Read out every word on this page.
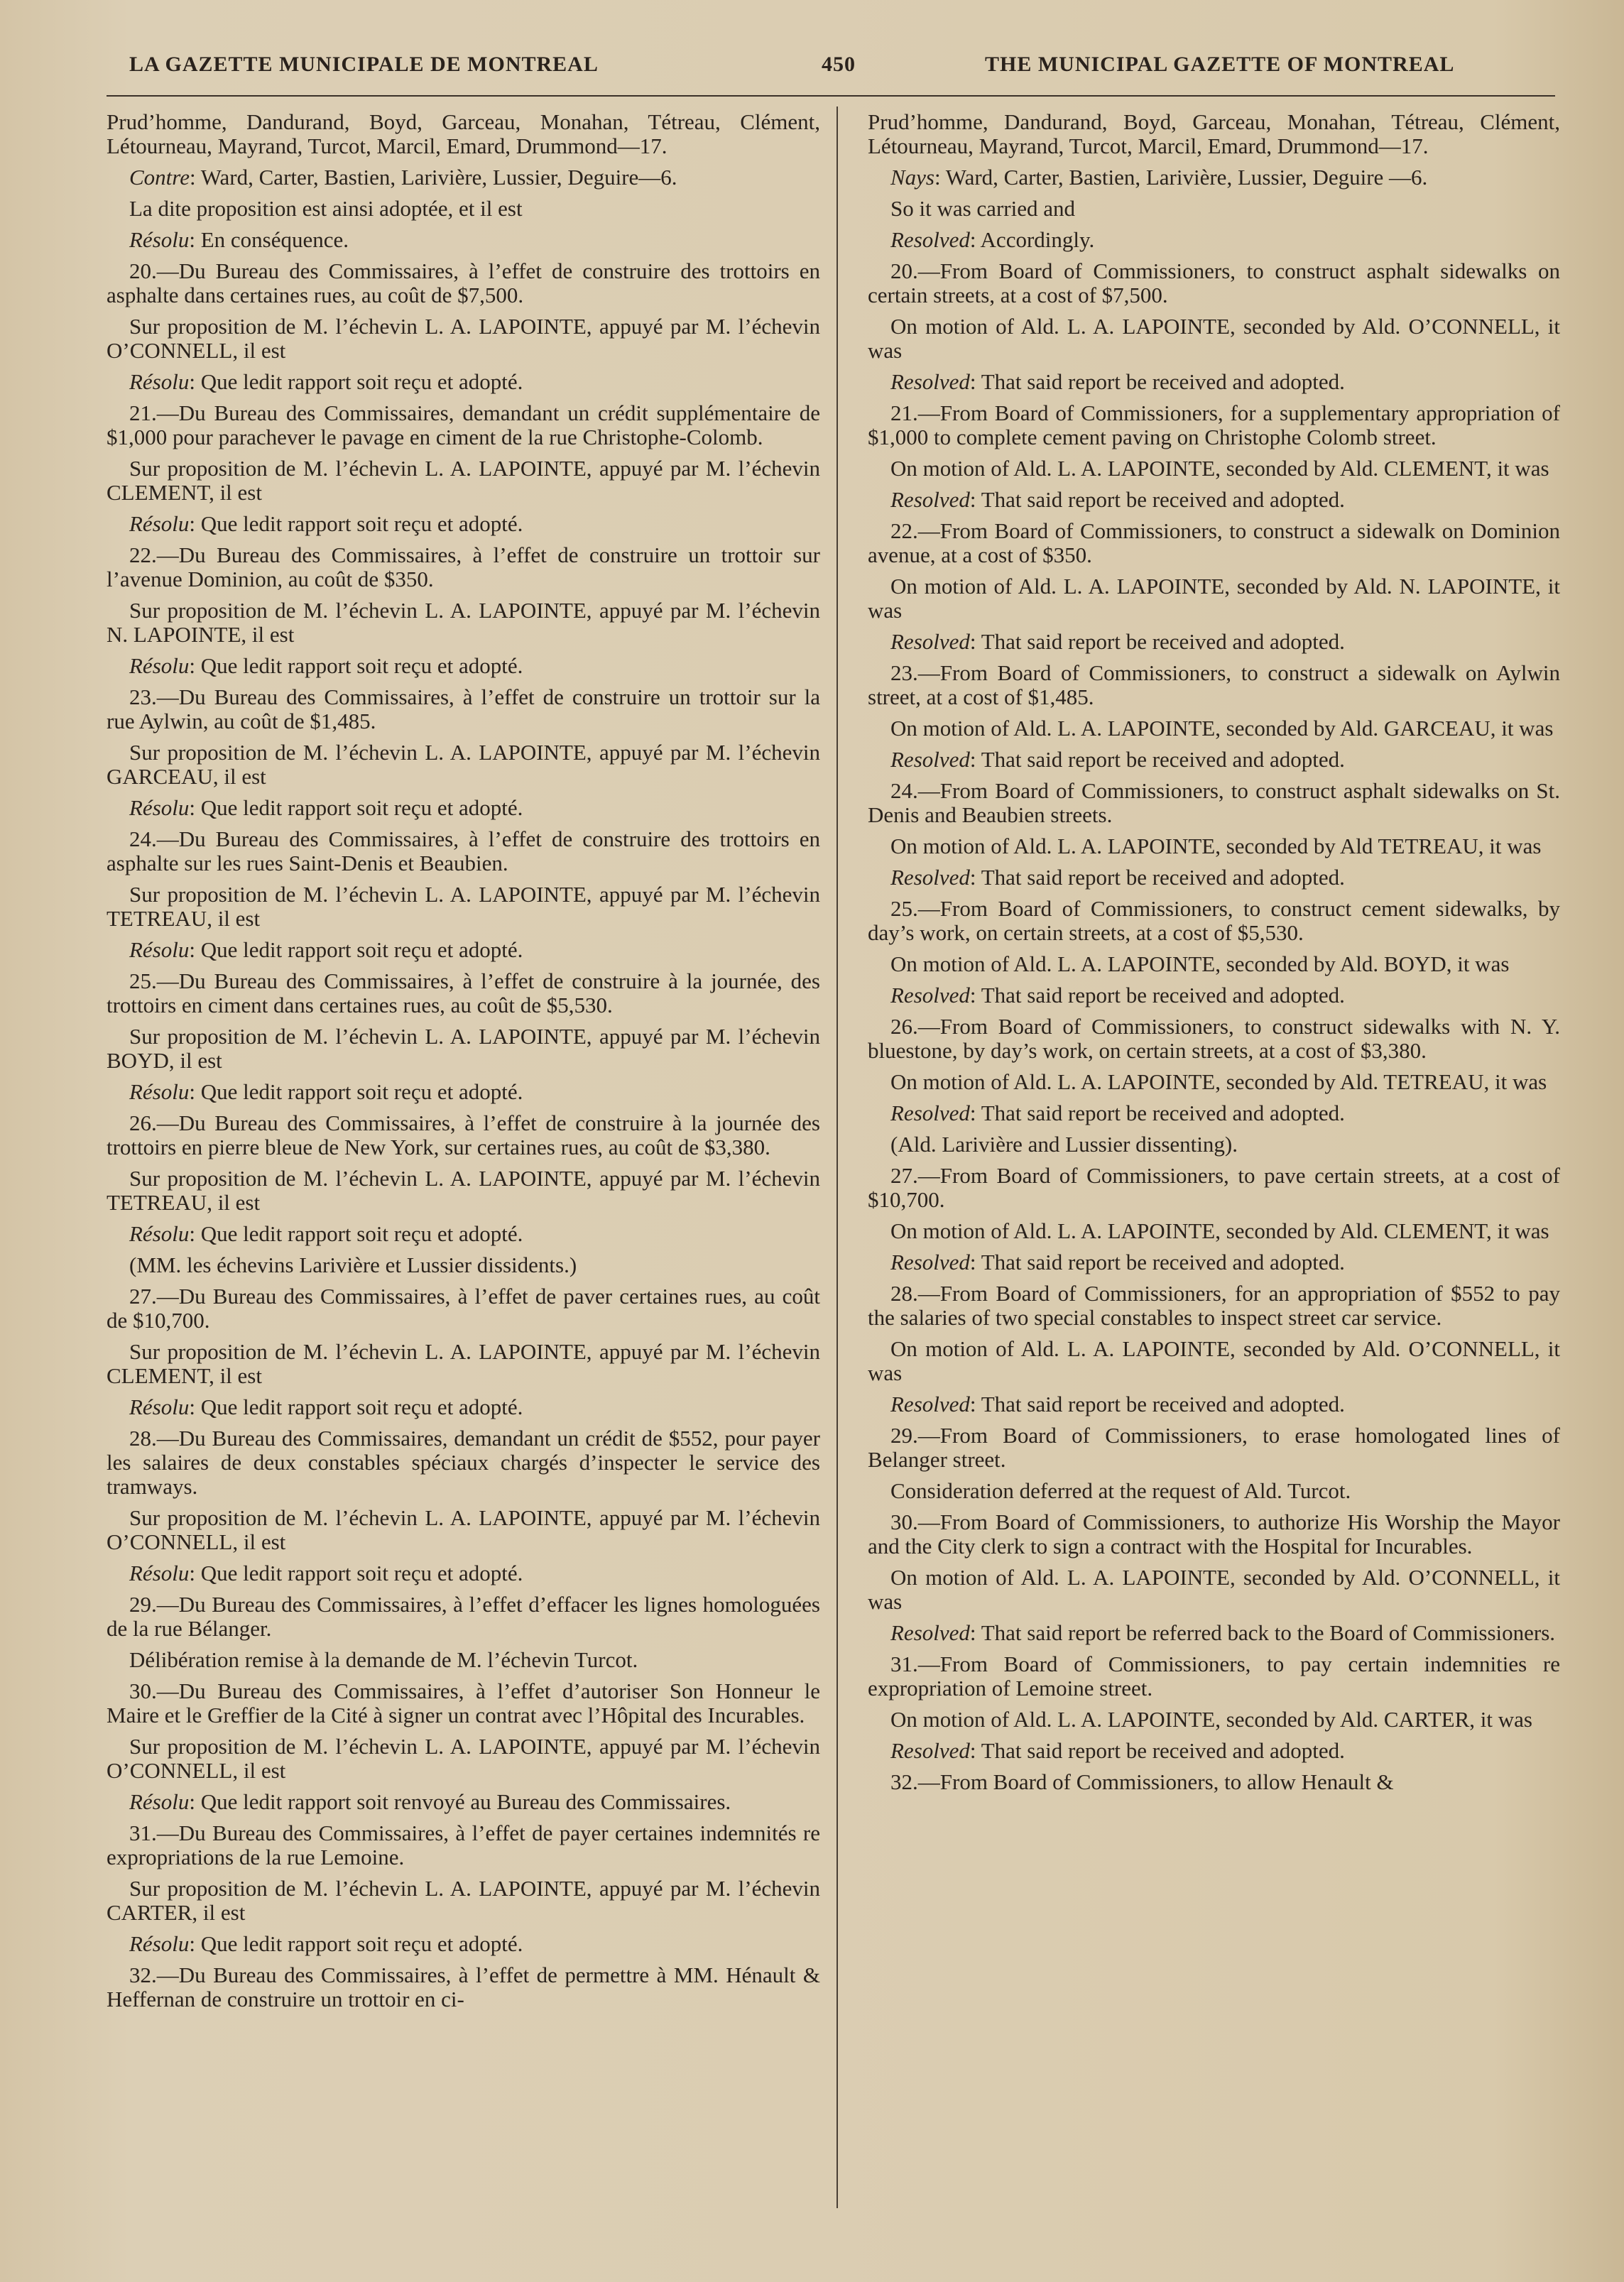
LA GAZETTE MUNICIPALE DE MONTREAL	450	THE MUNICIPAL GAZETTE OF MONTREAL

Prud’homme, Dandurand, Boyd, Garceau, Monahan, Tétreau, Clément, Létourneau, Mayrand, Turcot, Marcil, Emard, Drummond—17.

Contre: Ward, Carter, Bastien, Larivière, Lussier, Deguire—6.

La dite proposition est ainsi adoptée, et il est

Résolu: En conséquence.

20.—Du Bureau des Commissaires, à l’effet de construire des trottoirs en asphalte dans certaines rues, au coût de $7,500.

Sur proposition de M. l’échevin L. A. LAPOINTE, appuyé par M. l’échevin O’CONNELL, il est

Résolu: Que ledit rapport soit reçu et adopté.

21.—Du Bureau des Commissaires, demandant un crédit supplémentaire de $1,000 pour parachever le pavage en ciment de la rue Christophe-Colomb.

Sur proposition de M. l’échevin L. A. LAPOINTE, appuyé par M. l’échevin CLEMENT, il est

Résolu: Que ledit rapport soit reçu et adopté.

22.—Du Bureau des Commissaires, à l’effet de construire un trottoir sur l’avenue Dominion, au coût de $350.

Sur proposition de M. l’échevin L. A. LAPOINTE, appuyé par M. l’échevin N. LAPOINTE, il est

Résolu: Que ledit rapport soit reçu et adopté.

23.—Du Bureau des Commissaires, à l’effet de construire un trottoir sur la rue Aylwin, au coût de $1,485.

Sur proposition de M. l’échevin L. A. LAPOINTE, appuyé par M. l’échevin GARCEAU, il est

Résolu: Que ledit rapport soit reçu et adopté.

24.—Du Bureau des Commissaires, à l’effet de construire des trottoirs en asphalte sur les rues Saint-Denis et Beaubien.

Sur proposition de M. l’échevin L. A. LAPOINTE, appuyé par M. l’échevin TETREAU, il est

Résolu: Que ledit rapport soit reçu et adopté.

25.—Du Bureau des Commissaires, à l’effet de construire à la journée, des trottoirs en ciment dans certaines rues, au coût de $5,530.

Sur proposition de M. l’échevin L. A. LAPOINTE, appuyé par M. l’échevin BOYD, il est

Résolu: Que ledit rapport soit reçu et adopté.

26.—Du Bureau des Commissaires, à l’effet de construire à la journée des trottoirs en pierre bleue de New York, sur certaines rues, au coût de $3,380.

Sur proposition de M. l’échevin L. A. LAPOINTE, appuyé par M. l’échevin TETREAU, il est

Résolu: Que ledit rapport soit reçu et adopté.

(MM. les échevins Larivière et Lussier dissidents.)

27.—Du Bureau des Commissaires, à l’effet de paver certaines rues, au coût de $10,700.

Sur proposition de M. l’échevin L. A. LAPOINTE, appuyé par M. l’échevin CLEMENT, il est

Résolu: Que ledit rapport soit reçu et adopté.

28.—Du Bureau des Commissaires, demandant un crédit de $552, pour payer les salaires de deux constables spéciaux chargés d’inspecter le service des tramways.

Sur proposition de M. l’échevin L. A. LAPOINTE, appuyé par M. l’échevin O’CONNELL, il est

Résolu: Que ledit rapport soit reçu et adopté.

29.—Du Bureau des Commissaires, à l’effet d’effacer les lignes homologuées de la rue Bélanger.

Délibération remise à la demande de M. l’échevin Turcot.

30.—Du Bureau des Commissaires, à l’effet d’autoriser Son Honneur le Maire et le Greffier de la Cité à signer un contrat avec l’Hôpital des Incurables.

Sur proposition de M. l’échevin L. A. LAPOINTE, appuyé par M. l’échevin O’CONNELL, il est

Résolu: Que ledit rapport soit renvoyé au Bureau des Commissaires.

31.—Du Bureau des Commissaires, à l’effet de payer certaines indemnités re expropriations de la rue Lemoine.

Sur proposition de M. l’échevin L. A. LAPOINTE, appuyé par M. l’échevin CARTER, il est

Résolu: Que ledit rapport soit reçu et adopté.

32.—Du Bureau des Commissaires, à l’effet de permettre à MM. Hénault & Heffernan de construire un trottoir en ci-

Prud’homme, Dandurand, Boyd, Garceau, Monahan, Tétreau, Clément, Létourneau, Mayrand, Turcot, Marcil, Emard, Drummond—17.

Nays: Ward, Carter, Bastien, Larivière, Lussier, Deguire —6.

So it was carried and

Resolved: Accordingly.

20.—From Board of Commissioners, to construct asphalt sidewalks on certain streets, at a cost of $7,500.

On motion of Ald. L. A. LAPOINTE, seconded by Ald. O’CONNELL, it was

Resolved: That said report be received and adopted.

21.—From Board of Commissioners, for a supplementary appropriation of $1,000 to complete cement paving on Christophe Colomb street.

On motion of Ald. L. A. LAPOINTE, seconded by Ald. CLEMENT, it was

Resolved: That said report be received and adopted.

22.—From Board of Commissioners, to construct a sidewalk on Dominion avenue, at a cost of $350.

On motion of Ald. L. A. LAPOINTE, seconded by Ald. N. LAPOINTE, it was

Resolved: That said report be received and adopted.

23.—From Board of Commissioners, to construct a sidewalk on Aylwin street, at a cost of $1,485.

On motion of Ald. L. A. LAPOINTE, seconded by Ald. GARCEAU, it was

Resolved: That said report be received and adopted.

24.—From Board of Commissioners, to construct asphalt sidewalks on St. Denis and Beaubien streets.

On motion of Ald. L. A. LAPOINTE, seconded by Ald TETREAU, it was

Resolved: That said report be received and adopted.

25.—From Board of Commissioners, to construct cement sidewalks, by day’s work, on certain streets, at a cost of $5,530.

On motion of Ald. L. A. LAPOINTE, seconded by Ald. BOYD, it was

Resolved: That said report be received and adopted.

26.—From Board of Commissioners, to construct sidewalks with N. Y. bluestone, by day’s work, on certain streets, at a cost of $3,380.

On motion of Ald. L. A. LAPOINTE, seconded by Ald. TETREAU, it was

Resolved: That said report be received and adopted.

(Ald. Larivière and Lussier dissenting).

27.—From Board of Commissioners, to pave certain streets, at a cost of $10,700.

On motion of Ald. L. A. LAPOINTE, seconded by Ald. CLEMENT, it was

Resolved: That said report be received and adopted.

28.—From Board of Commissioners, for an appropriation of $552 to pay the salaries of two special constables to inspect street car service.

On motion of Ald. L. A. LAPOINTE, seconded by Ald. O’CONNELL, it was

Resolved: That said report be received and adopted.

29.—From Board of Commissioners, to erase homologated lines of Belanger street.

Consideration deferred at the request of Ald. Turcot.

30.—From Board of Commissioners, to authorize His Worship the Mayor and the City clerk to sign a contract with the Hospital for Incurables.

On motion of Ald. L. A. LAPOINTE, seconded by Ald. O’CONNELL, it was

Resolved: That said report be referred back to the Board of Commissioners.

31.—From Board of Commissioners, to pay certain indemnities re expropriation of Lemoine street.

On motion of Ald. L. A. LAPOINTE, seconded by Ald. CARTER, it was

Resolved: That said report be received and adopted.

32.—From Board of Commissioners, to allow Henault &
